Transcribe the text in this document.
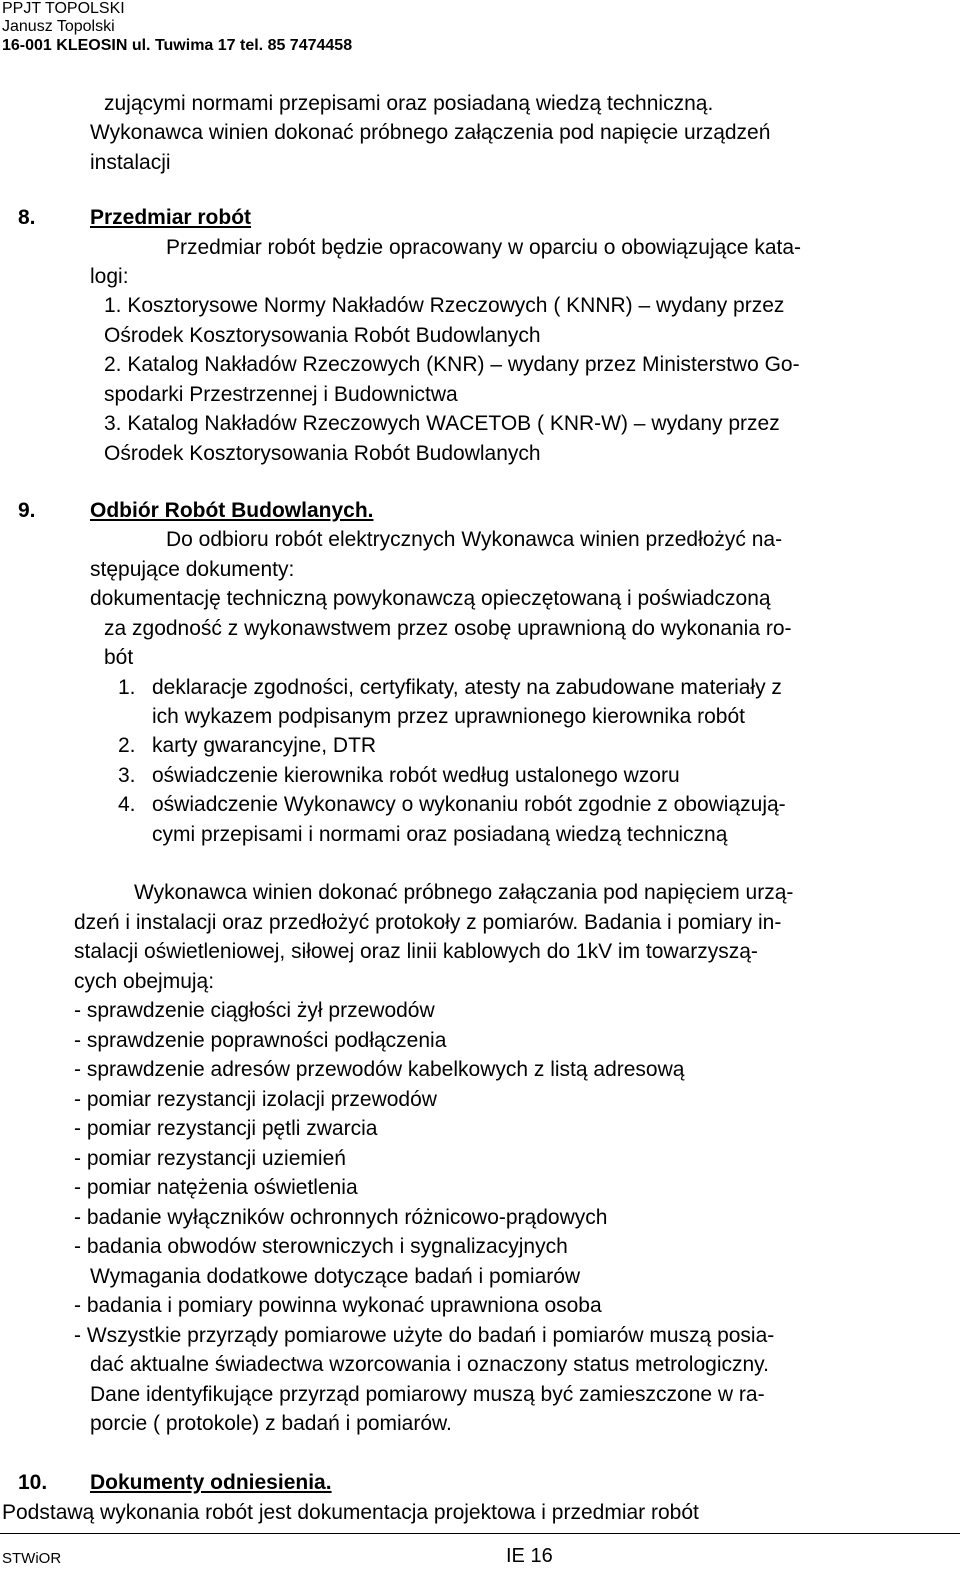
PPJT TOPOLSKI
Janusz Topolski
16-001 KLEOSIN ul. Tuwima 17 tel. 85 7474458
zującymi normami przepisami oraz posiadaną wiedzą techniczną.
Wykonawca winien dokonać próbnego załączenia pod napięcie urządzeń
instalacji
8.	Przedmiar robót
Przedmiar robót będzie opracowany w oparciu o obowiązujące kata-
logi:
1. Kosztorysowe Normy Nakładów Rzeczowych ( KNNR) – wydany przez
Ośrodek Kosztorysowania Robót Budowlanych
2. Katalog Nakładów Rzeczowych (KNR) – wydany przez Ministerstwo Go-
spodarki Przestrzennej i Budownictwa
3. Katalog Nakładów Rzeczowych WACETOB ( KNR-W) – wydany przez
Ośrodek Kosztorysowania Robót Budowlanych
9.	Odbiór Robót Budowlanych.
Do odbioru robót elektrycznych Wykonawca winien przedłożyć na-
stępujące dokumenty:
dokumentację techniczną powykonawczą opieczętowaną i poświadczoną
za zgodność z wykonawstwem przez osobę uprawnioną do wykonania ro-
bót
1. deklaracje zgodności, certyfikaty, atesty na zabudowane materiały z
ich wykazem podpisanym przez uprawnionego kierownika robót
2. karty gwarancyjne, DTR
3. oświadczenie kierownika robót według ustalonego wzoru
4. oświadczenie Wykonawcy o wykonaniu robót zgodnie z obowiązują-
cymi przepisami i normami oraz posiadaną wiedzą techniczną
Wykonawca winien dokonać próbnego załączania pod napięciem urzą-
dzeń i instalacji oraz przedłożyć protokoły z pomiarów. Badania i pomiary in-
stalacji oświetleniowej, siłowej oraz linii kablowych do 1kV im towarzyszą-
cych obejmują:
- sprawdzenie ciągłości żył przewodów
- sprawdzenie poprawności podłączenia
- sprawdzenie adresów przewodów kabelkowych z listą adresową
- pomiar rezystancji izolacji przewodów
- pomiar rezystancji pętli zwarcia
- pomiar rezystancji uziemień
- pomiar natężenia oświetlenia
- badanie wyłączników ochronnych różnicowo-prądowych
- badania obwodów sterowniczych i sygnalizacyjnych
Wymagania dodatkowe dotyczące badań i pomiarów
- badania i pomiary powinna wykonać uprawniona osoba
- Wszystkie przyrządy pomiarowe użyte do badań i pomiarów muszą posia-
dać aktualne świadectwa wzorcowania i oznaczony status metrologiczny.
Dane identyfikujące przyrząd pomiarowy muszą być zamieszczone w ra-
porcie ( protokole) z badań i pomiarów.
10. Dokumenty odniesienia.
Podstawą wykonania robót jest dokumentacja projektowa i przedmiar robót
STWiOR	IE 16
